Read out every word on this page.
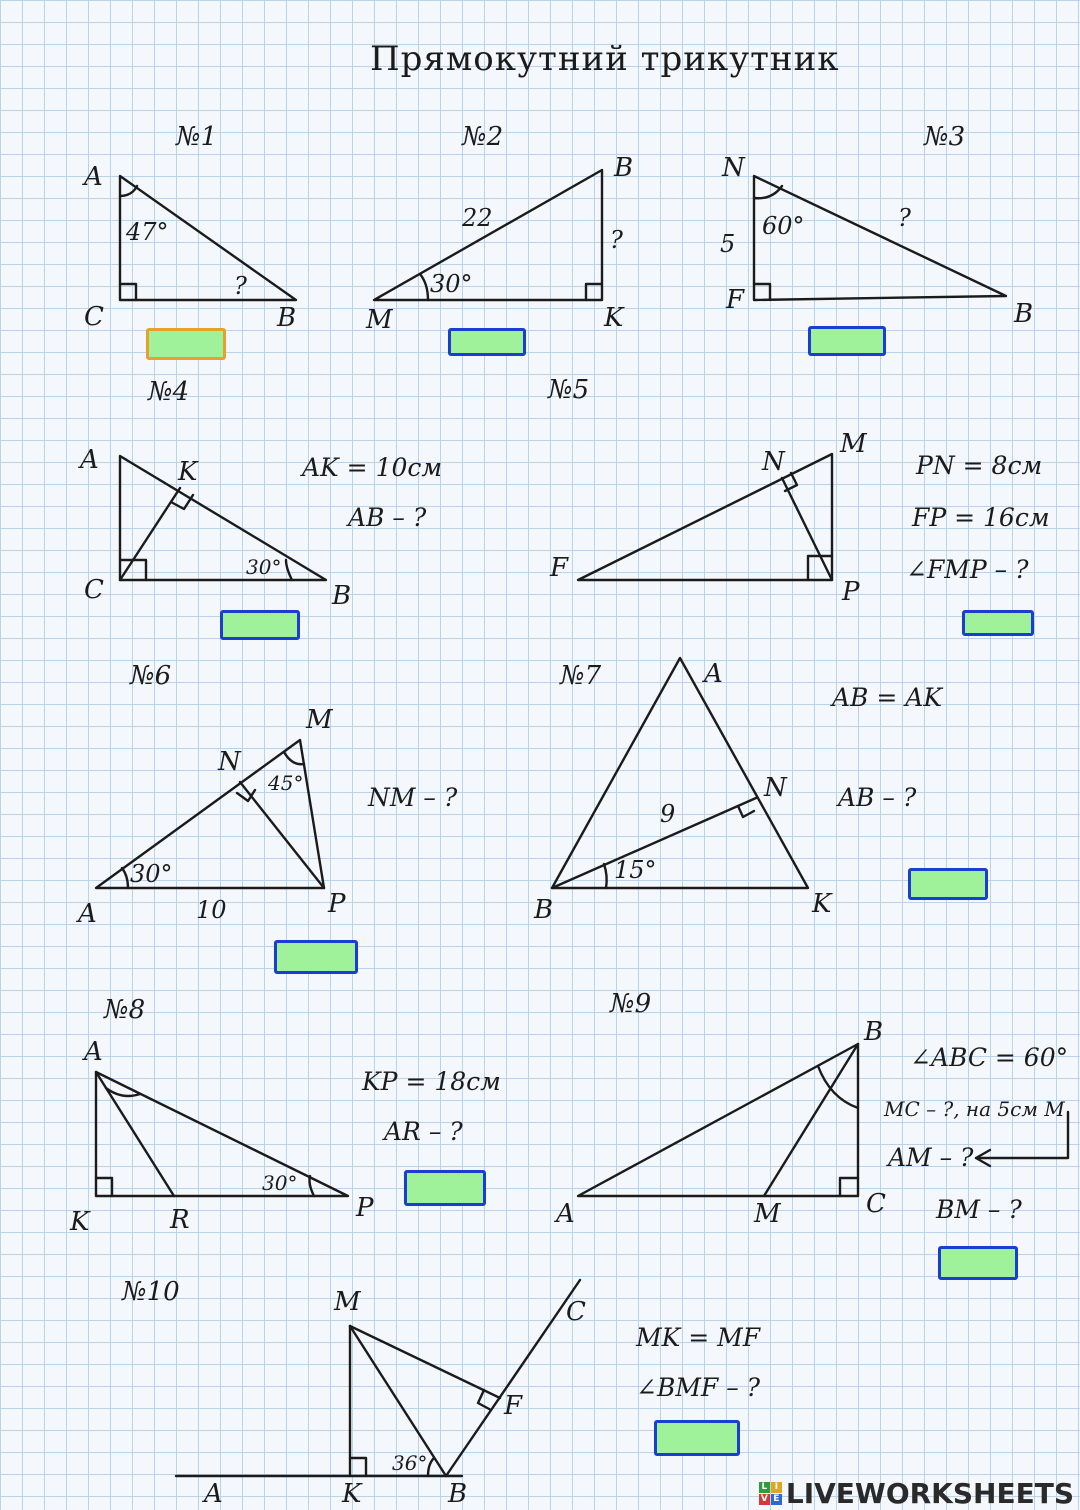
Прямокутний трикутник
№1
A
C	B
47°
?
№2
B
M	K
22
?
30°
№3
N
F	B
60°	?
5
№4
A	K
C	B
30°
AK = 10см
AB – ?
№5
N
M
F
P
PN = 8см
FP = 16см
∠FMP – ?
№6
M
N
A	P
45°
30°
10
NM – ?
№7	A
N
B	K
9
15°
AB = AK
AB – ?
№8
A
K	R	P
30°
KP = 18см
AR – ?
№9
B
A	M	C
∠ABC = 60°
MC – ?, на 5см M
AM – ?
BM – ?
№10	M	C
F
A	K	B
36°
MK = MF
∠BMF – ?
L I
V E LIVEWORKSHEETS
